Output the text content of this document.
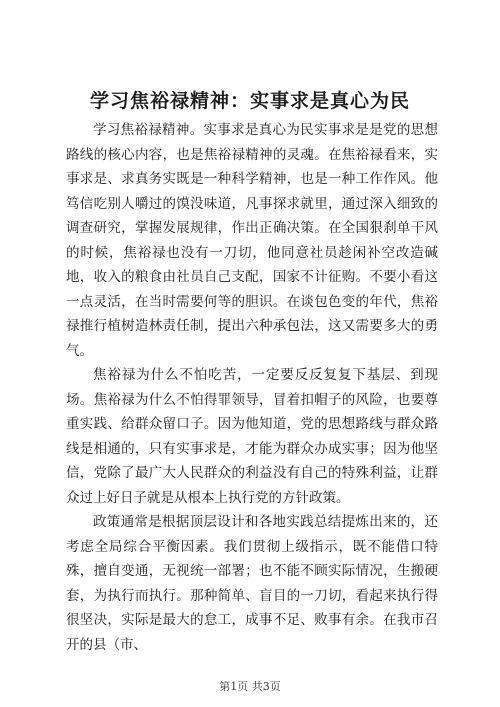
学习焦裕禄精神：实事求是真心为民

学习焦裕禄精神。实事求是真心为民实事求是是党的思想路线的核心内容，也是焦裕禄精神的灵魂。在焦裕禄看来，实事求是、求真务实既是一种科学精神，也是一种工作作风。他笃信吃别人嚼过的馍没味道，凡事探求就里，通过深入细致的调查研究，掌握发展规律，作出正确决策。在全国狠刹单干风的时候，焦裕禄也没有一刀切，他同意社员趁闲补空改造碱地，收入的粮食由社员自己支配，国家不计征购。不要小看这一点灵活，在当时需要何等的胆识。在谈包色变的年代，焦裕禄推行植树造林责任制，提出六种承包法，这又需要多大的勇气。

焦裕禄为什么不怕吃苦，一定要反反复复下基层、到现场。焦裕禄为什么不怕得罪领导，冒着扣帽子的风险，也要尊重实践、给群众留口子。因为他知道，党的思想路线与群众路线是相通的，只有实事求是，才能为群众办成实事；因为他坚信，党除了最广大人民群众的利益没有自己的特殊利益，让群众过上好日子就是从根本上执行党的方针政策。

政策通常是根据顶层设计和各地实践总结提炼出来的，还考虑全局综合平衡因素。我们贯彻上级指示，既不能借口特殊，擅自变通，无视统一部署；也不能不顾实际情况，生搬硬套，为执行而执行。那种简单、盲目的一刀切，看起来执行得很坚决，实际是最大的怠工，成事不足、败事有余。在我市召开的县（市、

第1页 共3页
